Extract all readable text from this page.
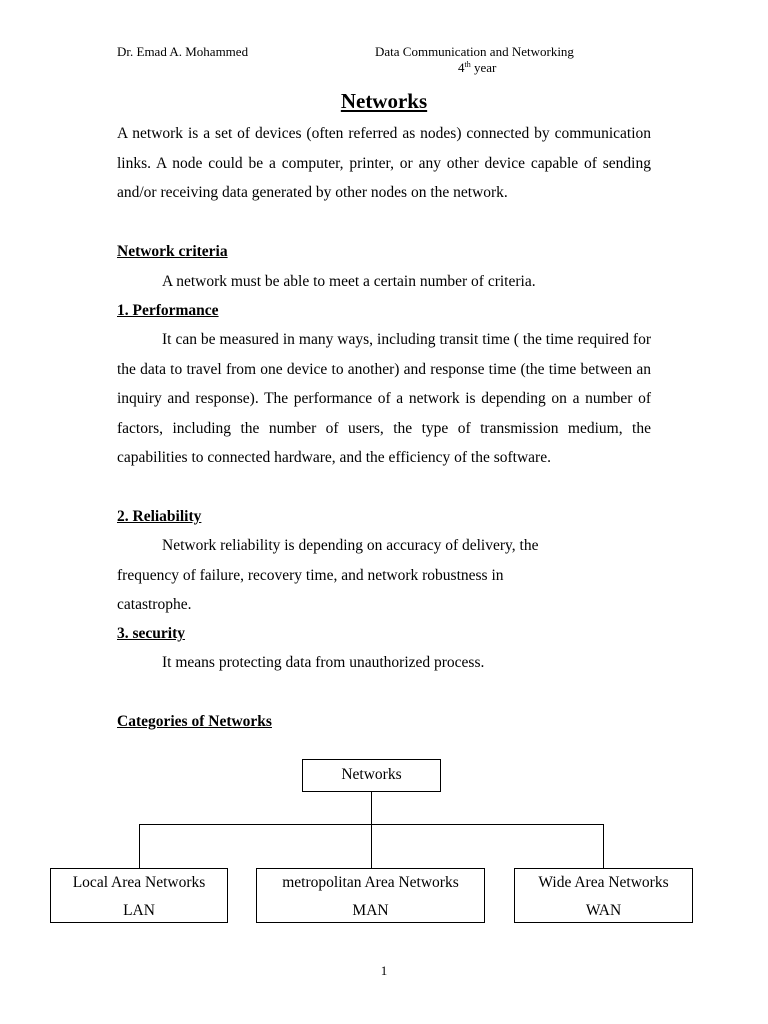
Dr. Emad A. Mohammed	Data Communication and Networking
4th year
Networks

A network is a set of devices (often referred as nodes) connected by communication links. A node could be a computer, printer, or any other device capable of sending and/or receiving data generated by other nodes on the network.

Network criteria

A network must be able to meet a certain number of criteria.

1. Performance

It can be measured in many ways, including transit time ( the time required for the data to travel from one device to another) and response time (the time between an inquiry and response). The performance of a network is depending on a number of factors, including the number of users, the type of transmission medium, the capabilities to connected hardware, and the efficiency of the software.

2. Reliability
Network reliability is depending on accuracy of delivery, the
frequency of failure, recovery time, and network robustness in
catastrophe.
3. security

It means protecting data from unauthorized process.

Categories of Networks
Networks
Local Area Networks
LAN
metropolitan Area Networks
MAN
Wide Area Networks
WAN
1
